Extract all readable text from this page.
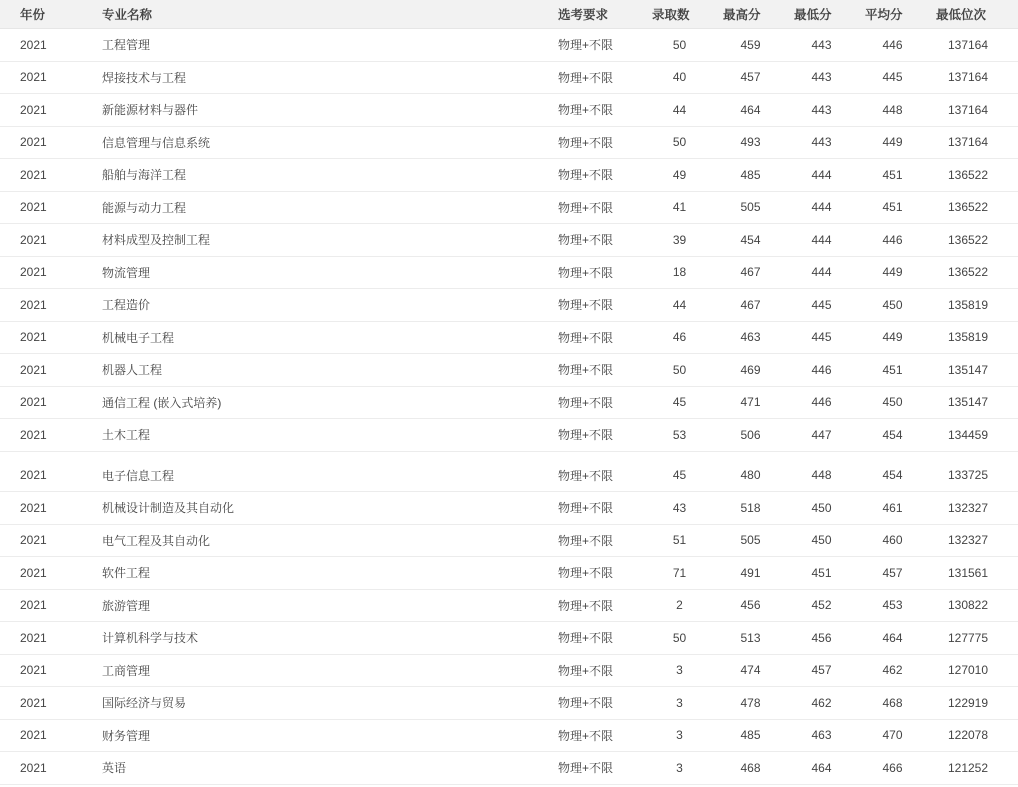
年份	专业名称	选考要求	录取数	最高分	最低分	平均分	最低位次
2021	工程管理	物理+不限	50	459	443	446	137164
2021	焊接技术与工程	物理+不限	40	457	443	445	137164
2021	新能源材料与器件	物理+不限	44	464	443	448	137164
2021	信息管理与信息系统	物理+不限	50	493	443	449	137164
2021	船舶与海洋工程	物理+不限	49	485	444	451	136522
2021	能源与动力工程	物理+不限	41	505	444	451	136522
2021	材料成型及控制工程	物理+不限	39	454	444	446	136522
2021	物流管理	物理+不限	18	467	444	449	136522
2021	工程造价	物理+不限	44	467	445	450	135819
2021	机械电子工程	物理+不限	46	463	445	449	135819
2021	机器人工程	物理+不限	50	469	446	451	135147
2021	通信工程 (嵌入式培养)	物理+不限	45	471	446	450	135147
2021	土木工程	物理+不限	53	506	447	454	134459

2021	电子信息工程	物理+不限	45	480	448	454	133725
2021	机械设计制造及其自动化	物理+不限	43	518	450	461	132327
2021	电气工程及其自动化	物理+不限	51	505	450	460	132327
2021	软件工程	物理+不限	71	491	451	457	131561
2021	旅游管理	物理+不限	2	456	452	453	130822
2021	计算机科学与技术	物理+不限	50	513	456	464	127775
2021	工商管理	物理+不限	3	474	457	462	127010
2021	国际经济与贸易	物理+不限	3	478	462	468	122919
2021	财务管理	物理+不限	3	485	463	470	122078
2021	英语	物理+不限	3	468	464	466	121252
